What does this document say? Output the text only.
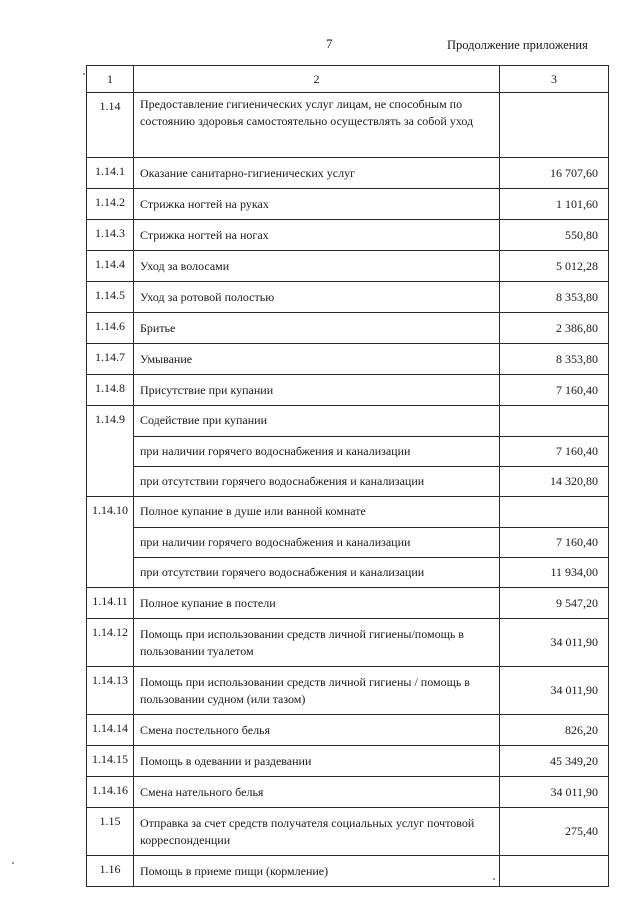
7	Продолжение приложения
1	2	3
1.14	Предоставление гигиенических услуг лицам, не способным по состоянию здоровья самостоятельно осуществлять за собой уход	
1.14.1	Оказание санитарно-гигиенических услуг	16 707,60
1.14.2	Стрижка ногтей на руках	1 101,60
1.14.3	Стрижка ногтей на ногах	550,80
1.14.4	Уход за волосами	5 012,28
1.14.5	Уход за ротовой полостью	8 353,80
1.14.6	Бритье	2 386,80
1.14.7	Умывание	8 353,80
1.14.8	Присутствие при купании	7 160,40
1.14.9	Содействие при купании	
	при наличии горячего водоснабжения и канализации	7 160,40
	при отсутствии горячего водоснабжения и канализации	14 320,80
1.14.10	Полное купание в душе или ванной комнате	
	при наличии горячего водоснабжения и канализации	7 160,40
	при отсутствии горячего водоснабжения и канализации	11 934,00
1.14.11	Полное купание в постели	9 547,20
1.14.12	Помощь при использовании средств личной гигиены/помощь в пользовании туалетом	34 011,90
1.14.13	Помощь при использовании средств личной гигиены / помощь в пользовании судном (или тазом)	34 011,90
1.14.14	Смена постельного белья	826,20
1.14.15	Помощь в одевании и раздевании	45 349,20
1.14.16	Смена нательного белья	34 011,90
1.15	Отправка за счет средств получателя социальных услуг почтовой корреспонденции	275,40
1.16	Помощь в приеме пищи (кормление)	
